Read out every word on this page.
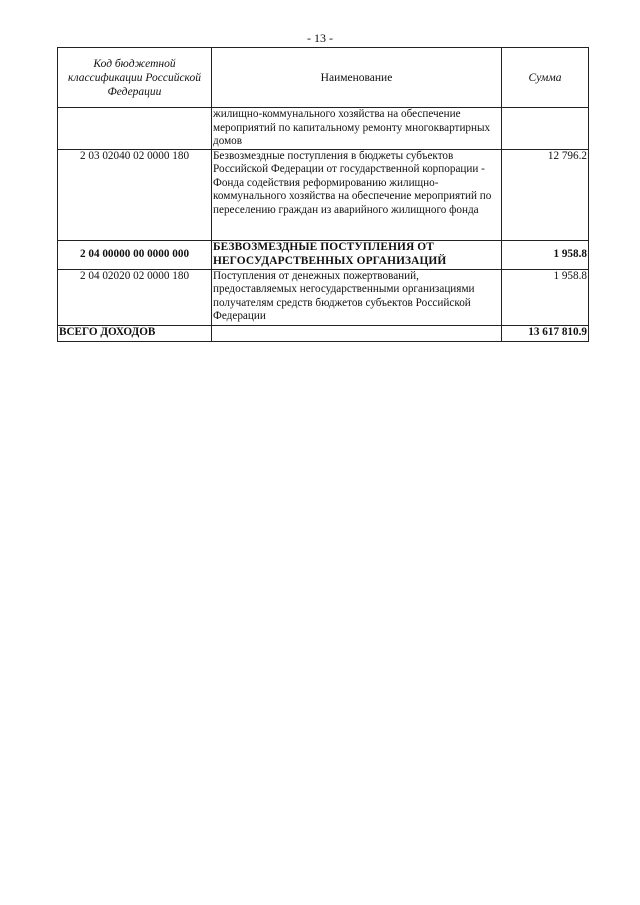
- 13 -
Код бюджетной классификации Российской Федерации	Наименование	Сумма
	жилищно-коммунального хозяйства на обеспечение мероприятий по капитальному ремонту многоквартирных домов	
2 03 02040 02 0000 180	Безвозмездные поступления в бюджеты субъектов Российской Федерации от государственной корпорации - Фонда содействия реформированию жилищно-коммунального хозяйства на обеспечение мероприятий по переселению граждан из аварийного жилищного фонда	12 796.2
2 04 00000 00 0000 000	БЕЗВОЗМЕЗДНЫЕ ПОСТУПЛЕНИЯ ОТ НЕГОСУДАРСТВЕННЫХ ОРГАНИЗАЦИЙ	1 958.8
2 04 02020 02 0000 180	Поступления от денежных пожертвований, предоставляемых негосударственными организациями получателям средств бюджетов субъектов Российской Федерации	1 958.8
ВСЕГО ДОХОДОВ		13 617 810.9
